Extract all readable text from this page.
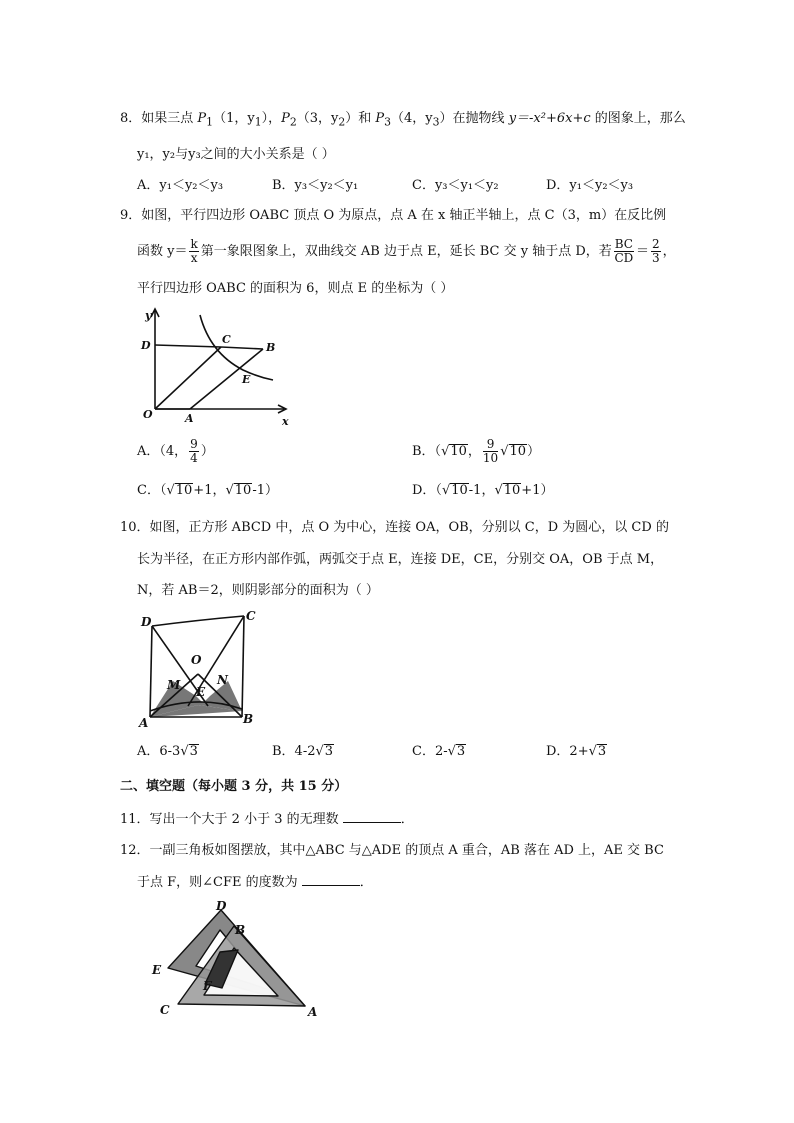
8．如果三点 $P_1(1$，$y_1$），$P_2(3$，$y_2$）和 $P_3(4$，$y_3$）在抛物线 y＝-x²+6x+c 的图象上，那么
y₁，y₂与y₃之间的大小关系是（ ）
A．y₁＜y₂＜y₃	B．y₃＜y₂＜y₁	C．y₃＜y₁＜y₂	D．y₁＜y₂＜y₃
9．如图，平行四边形 OABC 顶点 O 为原点，点 A 在 x 轴正半轴上，点 C（3，m）在反比例
函数 $y= \frac{k}{x}$ 第一象限图象上，双曲线交 AB 边于点 E，延长 BC 交 y 轴于点 D，若 $\frac{BC}{CD} = \frac{2}{3}$ ，
平行四边形 OABC 的面积为 6，则点 E 的坐标为（ ）
y
D	C
B
E
O	A	x
A．（4， $\frac{9}{4}$ ）	B．（√10， $\frac{9}{10} √10$）
C．（√10+1，√10-1）	D．（√10-1，√10+1）
10．如图，正方形 ABCD 中，点 O 为中心，连接 OA，OB，分别以 C，D 为圆心，以 CD 的
长为半径，在正方形内部作弧，两弧交于点 E，连接 DE，CE，分别交 OA，OB 于点 M，
N，若 AB＝2，则阴影部分的面积为（ ）
D	C
O
M	N
E
A	B
A．6-3√3	B．4-2√3	C．2-√3	D．2+√3
二、填空题（每小题 3 分，共 15 分）
11．写出一个大于 2 小于 3 的无理数	．
12．一副三角板如图摆放，其中△ABC 与△ADE 的顶点 A 重合，AB 落在 AD 上，AE 交 BC
于点 F，则∠CFE 的度数为	．
D
B
E
F
C	A
